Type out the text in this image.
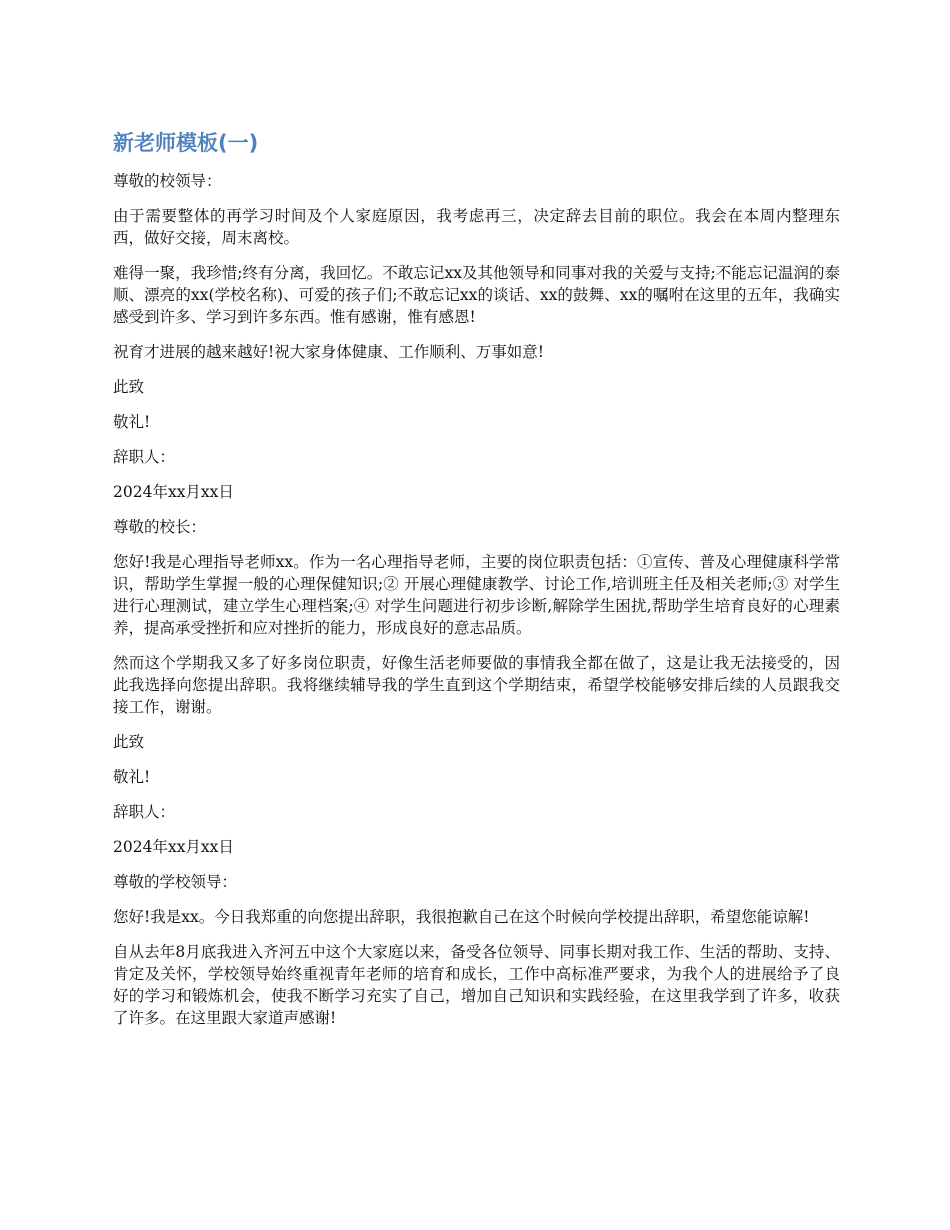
新老师模板(一)

尊敬的校领导：

由于需要整体的再学习时间及个人家庭原因，我考虑再三，决定辞去目前的职位。我会在本周内整理东西，做好交接，周末离校。

难得一聚，我珍惜;终有分离，我回忆。不敢忘记xx及其他领导和同事对我的关爱与支持;不能忘记温润的泰顺、漂亮的xx(学校名称)、可爱的孩子们;不敢忘记xx的谈话、xx的鼓舞、xx的嘱咐在这里的五年，我确实感受到许多、学习到许多东西。惟有感谢，惟有感恩!

祝育才进展的越来越好!祝大家身体健康、工作顺利、万事如意!

此致

敬礼!

辞职人：

2024年xx月xx日

尊敬的校长：

您好!我是心理指导老师xx。作为一名心理指导老师，主要的岗位职责包括：①宣传、普及心理健康科学常识，帮助学生掌握一般的心理保健知识;② 开展心理健康教学、讨论工作,培训班主任及相关老师;③ 对学生进行心理测试，建立学生心理档案;④ 对学生问题进行初步诊断,解除学生困扰,帮助学生培育良好的心理素养，提高承受挫折和应对挫折的能力，形成良好的意志品质。

然而这个学期我又多了好多岗位职责，好像生活老师要做的事情我全都在做了，这是让我无法接受的，因此我选择向您提出辞职。我将继续辅导我的学生直到这个学期结束，希望学校能够安排后续的人员跟我交接工作，谢谢。

此致

敬礼!

辞职人：

2024年xx月xx日

尊敬的学校领导：

您好!我是xx。今日我郑重的向您提出辞职，我很抱歉自己在这个时候向学校提出辞职，希望您能谅解!

自从去年8月底我进入齐河五中这个大家庭以来，备受各位领导、同事长期对我工作、生活的帮助、支持、肯定及关怀，学校领导始终重视青年老师的培育和成长，工作中高标准严要求，为我个人的进展给予了良好的学习和锻炼机会，使我不断学习充实了自己，增加自己知识和实践经验，在这里我学到了许多，收获了许多。在这里跟大家道声感谢!
